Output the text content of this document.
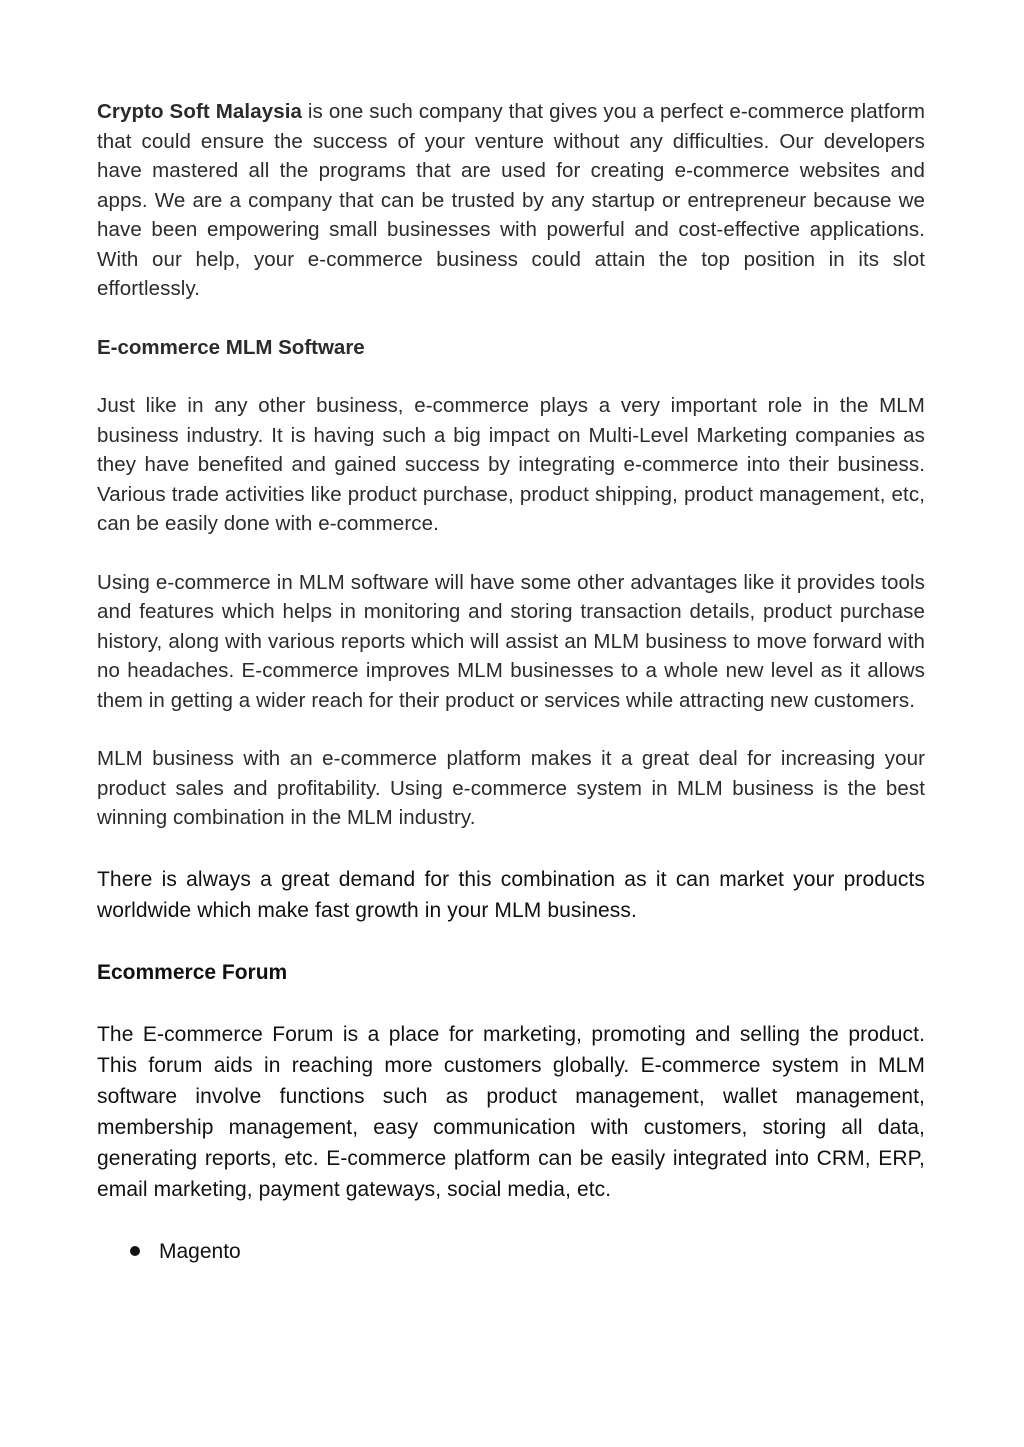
Crypto Soft Malaysia is one such company that gives you a perfect e-commerce platform that could ensure the success of your venture without any difficulties. Our developers have mastered all the programs that are used for creating e-commerce websites and apps. We are a company that can be trusted by any startup or entrepreneur because we have been empowering small businesses with powerful and cost-effective applications. With our help, your e-commerce business could attain the top position in its slot effortlessly.

E-commerce MLM Software

Just like in any other business, e-commerce plays a very important role in the MLM business industry. It is having such a big impact on Multi-Level Marketing companies as they have benefited and gained success by integrating e-commerce into their business. Various trade activities like product purchase, product shipping, product management, etc, can be easily done with e-commerce.

Using e-commerce in MLM software will have some other advantages like it provides tools and features which helps in monitoring and storing transaction details, product purchase history, along with various reports which will assist an MLM business to move forward with no headaches. E-commerce improves MLM businesses to a whole new level as it allows them in getting a wider reach for their product or services while attracting new customers.

MLM business with an e-commerce platform makes it a great deal for increasing your product sales and profitability. Using e-commerce system in MLM business is the best winning combination in the MLM industry.

There is always a great demand for this combination as it can market your products worldwide which make fast growth in your MLM business.

Ecommerce Forum

The E-commerce Forum is a place for marketing, promoting and selling the product. This forum aids in reaching more customers globally. E-commerce system in MLM software involve functions such as product management, wallet management, membership management, easy communication with customers, storing all data, generating reports, etc. E-commerce platform can be easily integrated into CRM, ERP, email marketing, payment gateways, social media, etc.

Magento
